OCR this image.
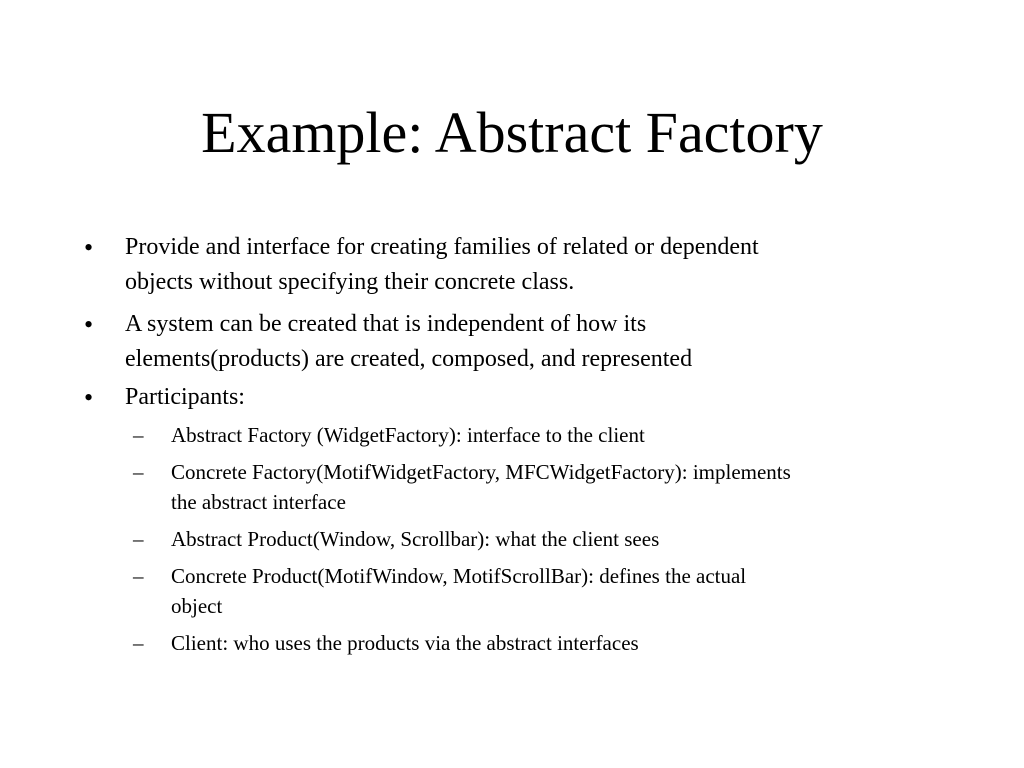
Example: Abstract Factory
• Provide and interface for creating families of related or dependent
objects without specifying their concrete class.
• A system can be created that is independent of how its
elements(products) are created, composed, and represented
• Participants:
– Abstract Factory (WidgetFactory): interface to the client
– Concrete Factory(MotifWidgetFactory, MFCWidgetFactory): implements
the abstract interface
– Abstract Product(Window, Scrollbar): what the client sees
– Concrete Product(MotifWindow, MotifScrollBar): defines the actual
object
– Client: who uses the products via the abstract interfaces
